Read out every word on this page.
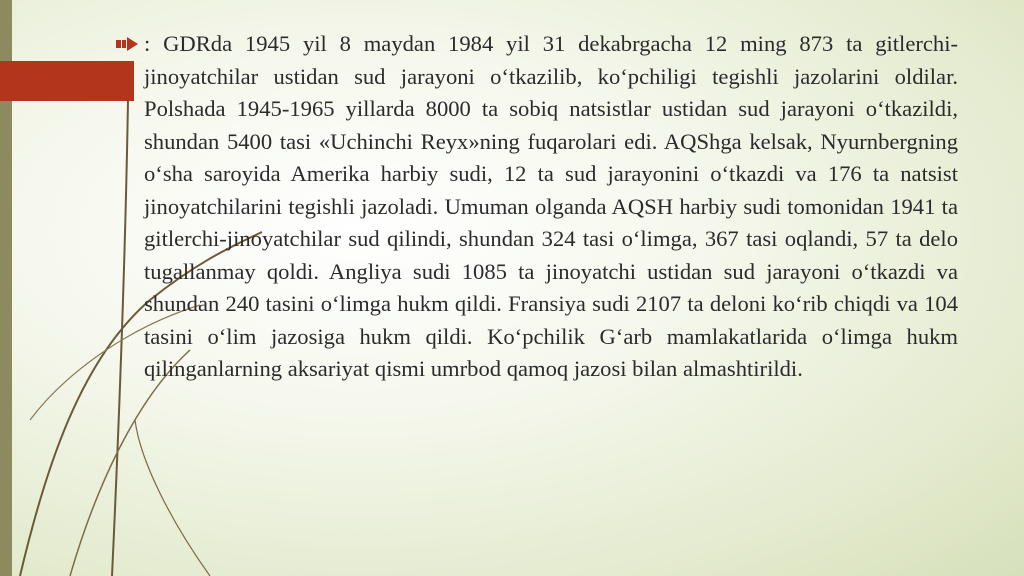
: GDRda 1945 yil 8 maydan 1984 yil 31 dekabrgacha 12 ming 873 ta gitlerchi-jinoyatchilar ustidan sud jarayoni o‘tkazilib, ko‘pchiligi tegishli jazolarini oldilar. Polshada 1945-1965 yillarda 8000 ta sobiq natsistlar ustidan sud jarayoni o‘tkazildi, shundan 5400 tasi «Uchinchi Reyx»ning fuqarolari edi. AQShga kelsak, Nyurnbergning o‘sha saroyida Amerika harbiy sudi, 12 ta sud jarayonini o‘tkazdi va 176 ta natsist jinoyatchilarini tegishli jazoladi. Umuman olganda AQSH harbiy sudi tomonidan 1941 ta gitlerchi-jinoyatchilar sud qilindi, shundan 324 tasi o‘limga, 367 tasi oqlandi, 57 ta delo tugallanmay qoldi. Angliya sudi 1085 ta jinoyatchi ustidan sud jarayoni o‘tkazdi va shundan 240 tasini o‘limga hukm qildi. Fransiya sudi 2107 ta deloni ko‘rib chiqdi va 104 tasini o‘lim jazosiga hukm qildi. Ko‘pchilik G‘arb mamlakatlarida o‘limga hukm qilinganlarning aksariyat qismi umrbod qamoq jazosi bilan almashtirildi.
